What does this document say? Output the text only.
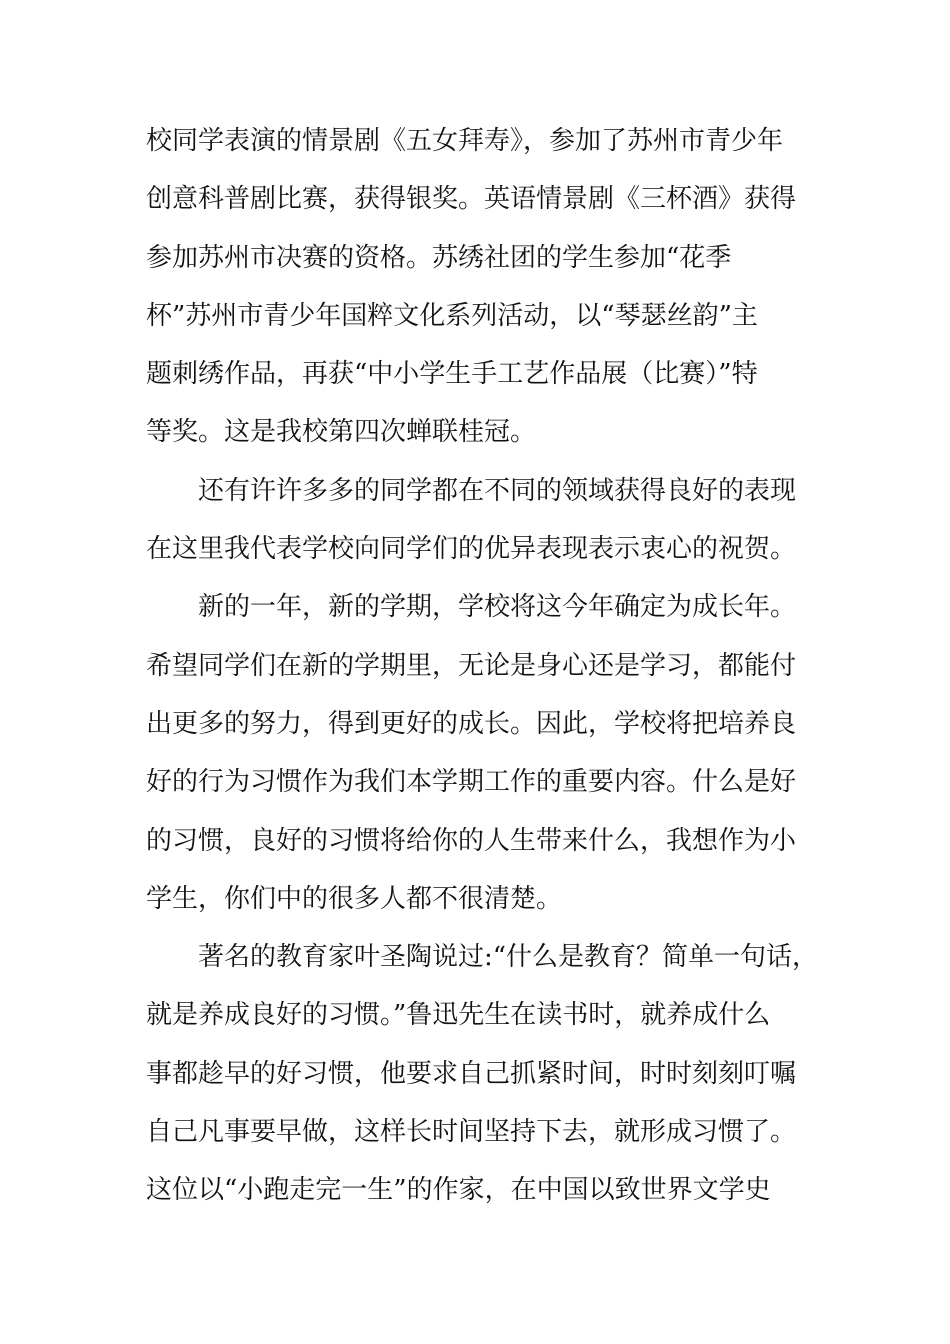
校同学表演的情景剧《五女拜寿》，参加了苏州市青少年
创意科普剧比赛，获得银奖。英语情景剧《三杯酒》获得
参加苏州市决赛的资格。苏绣社团的学生参加“花季
杯”苏州市青少年国粹文化系列活动，以“琴瑟丝韵”主
题刺绣作品，再获“中小学生手工艺作品展（比赛）”特
等奖。这是我校第四次蝉联桂冠。
还有许许多多的同学都在不同的领域获得良好的表现
在这里我代表学校向同学们的优异表现表示衷心的祝贺。
新的一年，新的学期，学校将这今年确定为成长年。
希望同学们在新的学期里，无论是身心还是学习，都能付
出更多的努力，得到更好的成长。因此，学校将把培养良
好的行为习惯作为我们本学期工作的重要内容。什么是好
的习惯，良好的习惯将给你的人生带来什么，我想作为小
学生，你们中的很多人都不很清楚。
著名的教育家叶圣陶说过:“什么是教育？简单一句话，
就是养成良好的习惯。”鲁迅先生在读书时，就养成什么
事都趁早的好习惯，他要求自己抓紧时间，时时刻刻叮嘱
自己凡事要早做，这样长时间坚持下去，就形成习惯了。
这位以“小跑走完一生”的作家，在中国以致世界文学史
